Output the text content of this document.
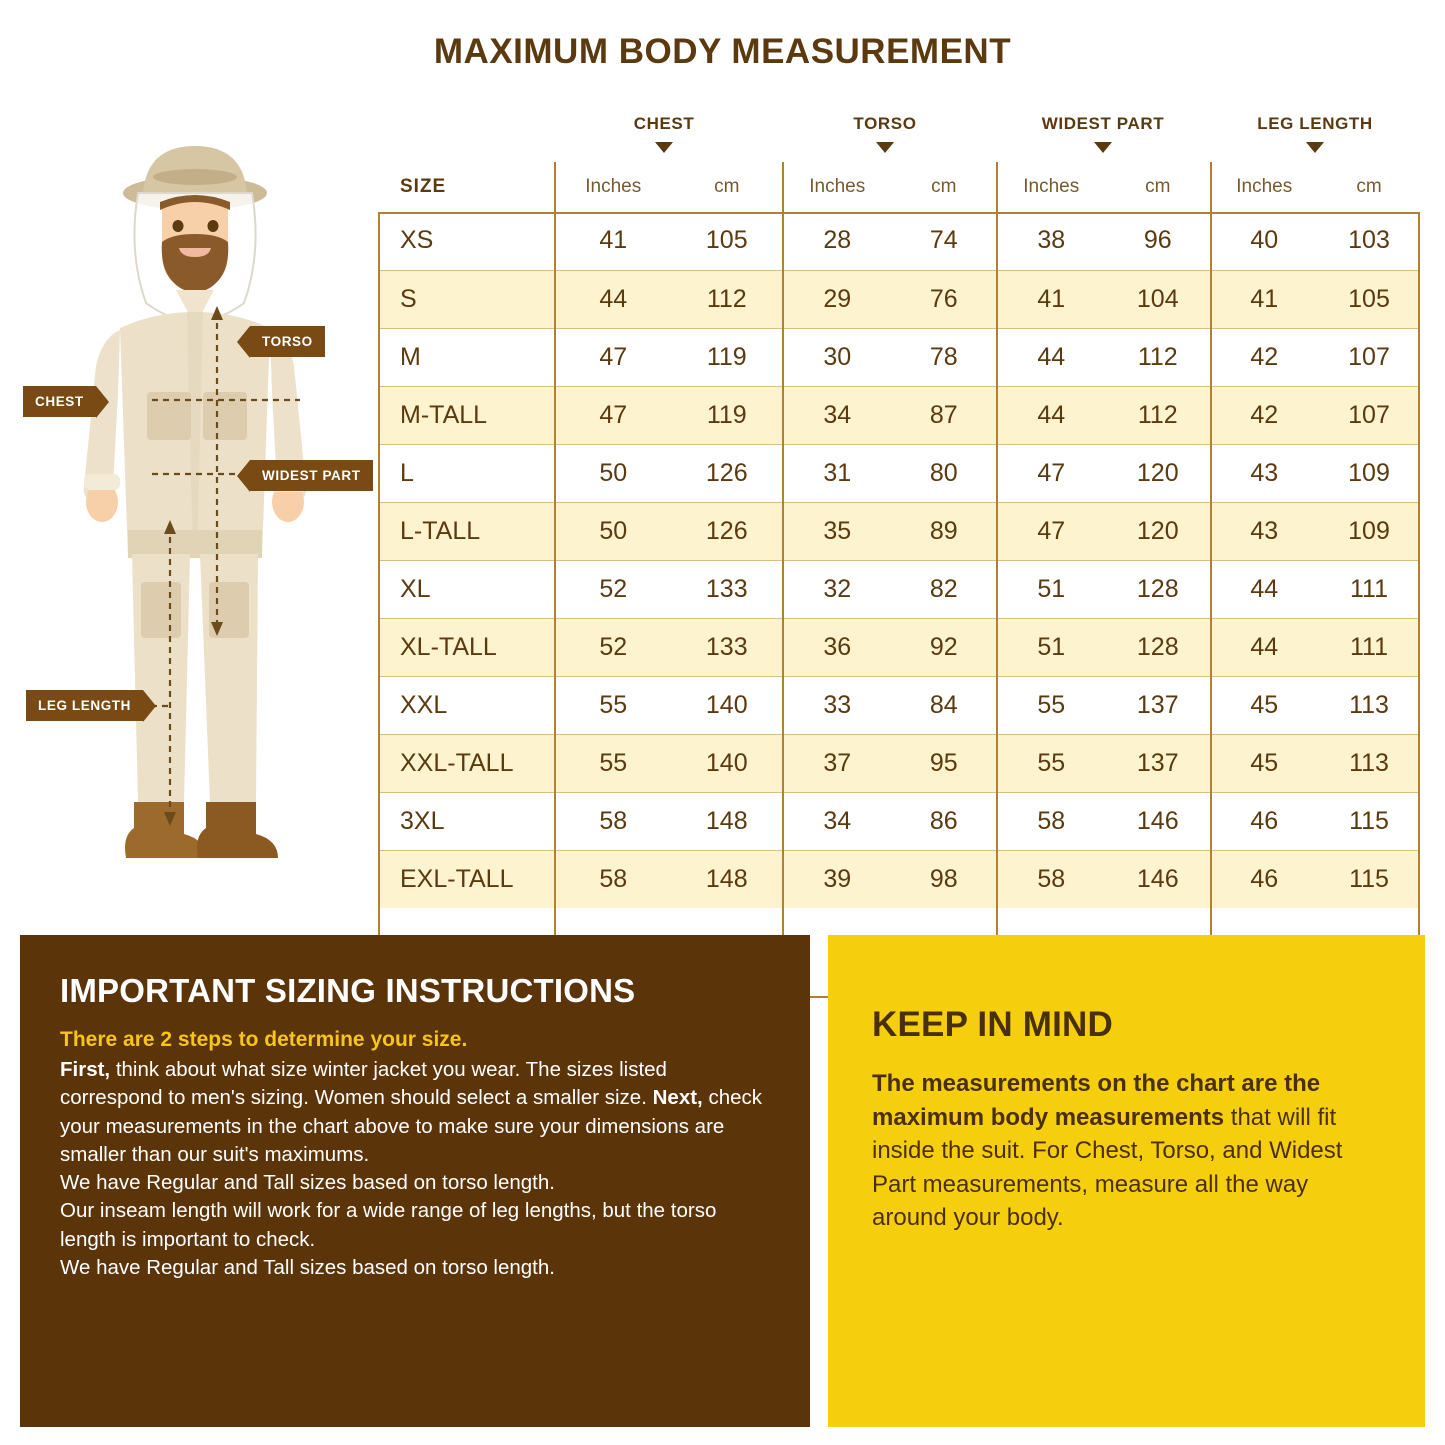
MAXIMUM BODY MEASUREMENT
TORSO
CHEST
WIDEST PART
LEG LENGTH
CHEST	TORSO	WIDEST PART	LEG LENGTH
SIZE	Inches	cm	Inches	cm	Inches	cm	Inches	cm
XS	41	105	28	74	38	96	40	103
S	44	112	29	76	41	104	41	105
M	47	119	30	78	44	112	42	107
M-TALL	47	119	34	87	44	112	42	107
L	50	126	31	80	47	120	43	109
L-TALL	50	126	35	89	47	120	43	109
XL	52	133	32	82	51	128	44	111
XL-TALL	52	133	36	92	51	128	44	111
XXL	55	140	33	84	55	137	45	113
XXL-TALL	55	140	37	95	55	137	45	113
3XL	58	148	34	86	58	146	46	115
EXL-TALL	58	148	39	98	58	146	46	115
IMPORTANT SIZING INSTRUCTIONS
There are 2 steps to determine your size.

First, think about what size winter jacket you wear. The sizes listed correspond to men's sizing. Women should select a smaller size. Next, check your measurements in the chart above to make sure your dimensions are smaller than our suit's maximums.

We have Regular and Tall sizes based on torso length.

Our inseam length will work for a wide range of leg lengths, but the torso length is important to check.

We have Regular and Tall sizes based on torso length.

KEEP IN MIND
The measurements on the chart are the maximum body measurements that will fit inside the suit. For Chest, Torso, and Widest Part measurements, measure all the way around your body.
